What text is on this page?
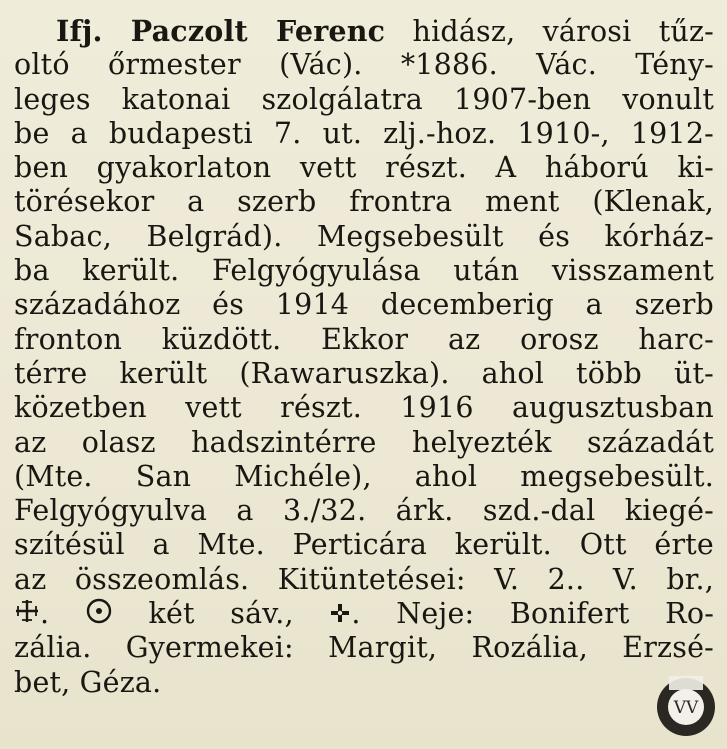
Ifj. Paczolt Ferenc hidász, városi tűz-
oltó őrmester (Vác). *1886. Vác. Tény-
leges katonai szolgálatra 1907-ben vonult
be a budapesti 7. ut. zlj.-hoz. 1910-, 1912-
ben gyakorlaton vett részt. A háború ki-
törésekor a szerb frontra ment (Klenak,
Sabac, Belgrád). Megsebesült és kórház-
ba került. Felgyógyulása után visszament
századához és 1914 decemberig a szerb
fronton küzdött. Ekkor az orosz harc-
térre került (Rawaruszka). ahol több üt-
közetben vett részt. 1916 augusztusban
az olasz hadszintérre helyezték századát
(Mte. San Michéle), ahol megsebesült.
Felgyógyulva a 3./32. árk. szd.-dal kiegé-
szítésül a Mte. Perticára került. Ott érte
az összeomlás. Kitüntetései: V. 2.. V. br.,
.	két sáv., . Neje: Bonifert Ro-
zália. Gyermekei: Margit, Rozália, Erzsé-
bet, Géza.
VV
